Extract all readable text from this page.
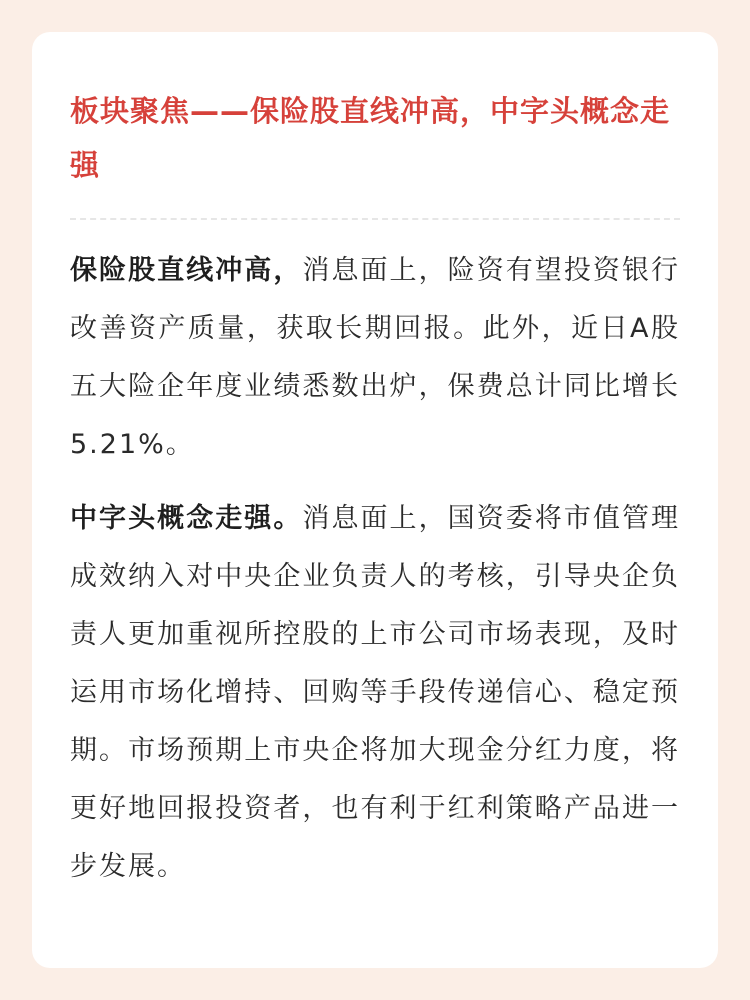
板块聚焦——保险股直线冲高，中字头概念走强

保险股直线冲高，消息面上，险资有望投资银行改善资产质量，获取长期回报。此外，近日A股五大险企年度业绩悉数出炉，保费总计同比增长5.21%。

中字头概念走强。消息面上，国资委将市值管理成效纳入对中央企业负责人的考核，引导央企负责人更加重视所控股的上市公司市场表现，及时运用市场化增持、回购等手段传递信心、稳定预期。市场预期上市央企将加大现金分红力度，将更好地回报投资者，也有利于红利策略产品进一步发展。
